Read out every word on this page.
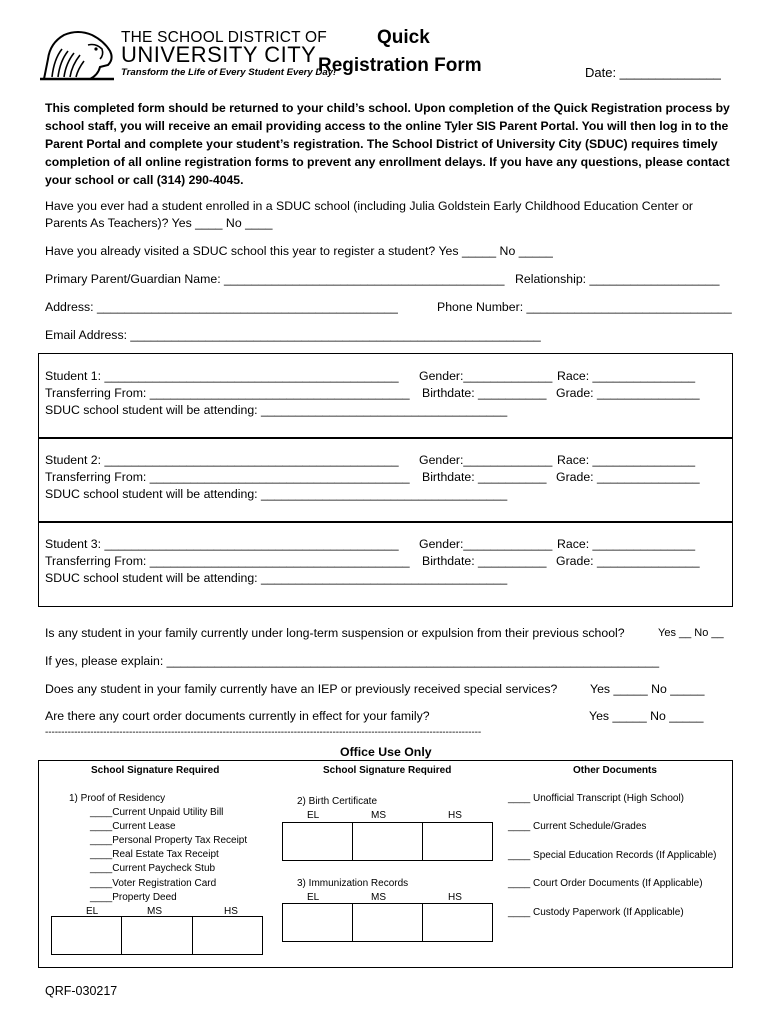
THE SCHOOL DISTRICT OF
UNIVERSITY CITY
Transform the Life of Every Student Every Day!
Quick
Registration Form	Date: ______________
This completed form should be returned to your child’s school. Upon completion of the Quick Registration process by school staff, you will receive an email providing access to the online Tyler SIS Parent Portal. You will then log in to the Parent Portal and complete your student’s registration. The School District of University City (SDUC) requires timely completion of all online registration forms to prevent any enrollment delays. If you have any questions, please contact your school or call (314) 290-4045.
Have you ever had a student enrolled in a SDUC school (including Julia Goldstein Early Childhood Education Center or
Parents As Teachers)? Yes ____ No ____
Have you already visited a SDUC school this year to register a student? Yes _____ No _____
Primary Parent/Guardian Name: _________________________________________ Relationship: ___________________
Address: ____________________________________________	Phone Number: ______________________________
Email Address: ____________________________________________________________
Student 1: ___________________________________________ Gender:_____________ Race: _______________
Transferring From: ______________________________________ Birthdate: __________ Grade: _______________
SDUC school student will be attending: ____________________________________
Student 2: ___________________________________________ Gender:_____________ Race: _______________
Transferring From: ______________________________________ Birthdate: __________ Grade: _______________
SDUC school student will be attending: ____________________________________
Student 3: ___________________________________________ Gender:_____________ Race: _______________
Transferring From: ______________________________________ Birthdate: __________ Grade: _______________
SDUC school student will be attending: ____________________________________
Is any student in your family currently under long-term suspension or expulsion from their previous school?	Yes __ No __
If yes, please explain: ________________________________________________________________________
Does any student in your family currently have an IEP or previously received special services?	Yes _____ No _____
Are there any court order documents currently in effect for your family?	Yes _____ No _____
---------------------------------------------------------------------------------------------------------------------------------------
Office Use Only
School Signature Required	School Signature Required	Other Documents
1) Proof of Residency
____Current Unpaid Utility Bill
____Current Lease
____Personal Property Tax Receipt
____Real Estate Tax Receipt
____Current Paycheck Stub
____Voter Registration Card
____Property Deed
EL	MS	HS
2) Birth Certificate
EL	MS	HS
3) Immunization Records
EL	MS	HS
____ Unofficial Transcript (High School)
____ Current Schedule/Grades
____ Special Education Records (If Applicable)
____ Court Order Documents (If Applicable)
____ Custody Paperwork (If Applicable)
QRF-030217
